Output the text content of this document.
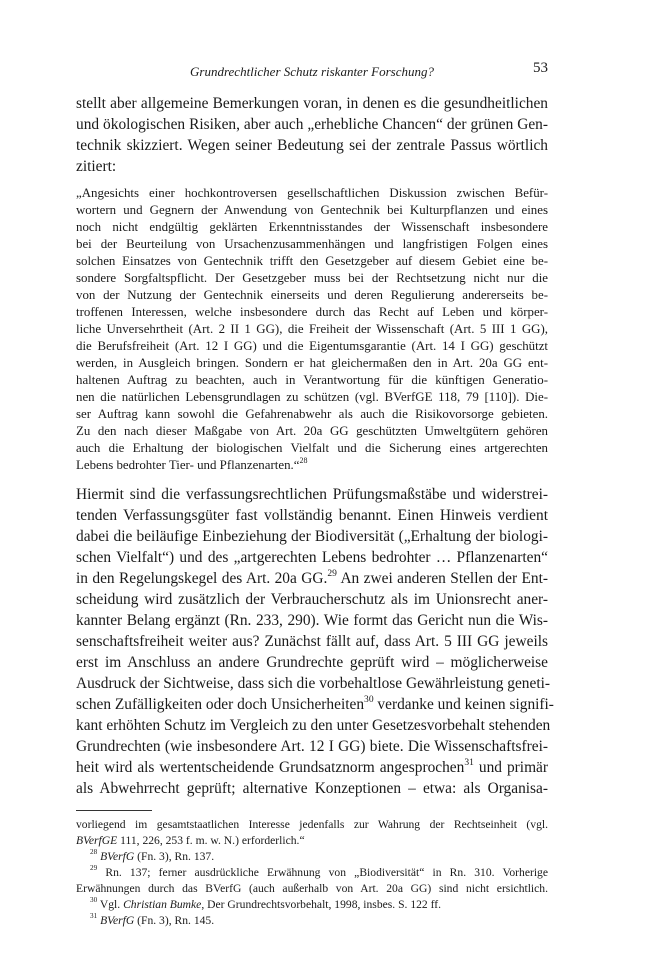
Grundrechtlicher Schutz riskanter Forschung?	53
stellt aber allgemeine Bemerkungen voran, in denen es die gesundheitlichen
und ökologischen Risiken, aber auch „erhebliche Chancen“ der grünen Gen-
technik skizziert. Wegen seiner Bedeutung sei der zentrale Passus wörtlich
zitiert:
„Angesichts einer hochkontroversen gesellschaftlichen Diskussion zwischen Befür-
wortern und Gegnern der Anwendung von Gentechnik bei Kulturpflanzen und eines
noch nicht endgültig geklärten Erkenntnisstandes der Wissenschaft insbesondere
bei der Beurteilung von Ursachenzusammenhängen und langfristigen Folgen eines
solchen Einsatzes von Gentechnik trifft den Gesetzgeber auf diesem Gebiet eine be-
sondere Sorgfaltspflicht. Der Gesetzgeber muss bei der Rechtsetzung nicht nur die
von der Nutzung der Gentechnik einerseits und deren Regulierung andererseits be-
troffenen Interessen, welche insbesondere durch das Recht auf Leben und körper-
liche Unversehrtheit (Art. 2 II 1 GG), die Freiheit der Wissenschaft (Art. 5 III 1 GG),
die Berufsfreiheit (Art. 12 I GG) und die Eigentumsgarantie (Art. 14 I GG) geschützt
werden, in Ausgleich bringen. Sondern er hat gleichermaßen den in Art. 20a GG ent-
haltenen Auftrag zu beachten, auch in Verantwortung für die künftigen Generatio-
nen die natürlichen Lebensgrundlagen zu schützen (vgl. BVerfGE 118, 79 [110]). Die-
ser Auftrag kann sowohl die Gefahrenabwehr als auch die Risikovorsorge gebieten.
Zu den nach dieser Maßgabe von Art. 20a GG geschützten Umweltgütern gehören
auch die Erhaltung der biologischen Vielfalt und die Sicherung eines artgerechten
Lebens bedrohter Tier- und Pflanzenarten.“$^{28}$
Hiermit sind die verfassungsrechtlichen Prüfungsmaßstäbe und widerstrei-
tenden Verfassungsgüter fast vollständig benannt. Einen Hinweis verdient
dabei die beiläufige Einbeziehung der Biodiversität („Erhaltung der biologi-
schen Vielfalt“) und des „artgerechten Lebens bedrohter … Pflanzenarten“
in den Regelungskegel des Art. 20a GG.$^{29}$ An zwei anderen Stellen der Ent-
scheidung wird zusätzlich der Verbraucherschutz als im Unionsrecht aner-
kannter Belang ergänzt (Rn. 233, 290). Wie formt das Gericht nun die Wis-
senschaftsfreiheit weiter aus? Zunächst fällt auf, dass Art. 5 III GG jeweils
erst im Anschluss an andere Grundrechte geprüft wird – möglicherweise
Ausdruck der Sichtweise, dass sich die vorbehaltlose Gewährleistung geneti-
schen Zufälligkeiten oder doch Unsicherheiten$^{30}$ verdanke und keinen signifi-
kant erhöhten Schutz im Vergleich zu den unter Gesetzesvorbehalt stehenden
Grundrechten (wie insbesondere Art. 12 I GG) biete. Die Wissenschaftsfrei-
heit wird als wertentscheidende Grundsatznorm angesprochen$^{31}$ und primär
als Abwehrrecht geprüft; alternative Konzeptionen – etwa: als Organisa-
vorliegend im gesamtstaatlichen Interesse jedenfalls zur Wahrung der Rechtseinheit (vgl.
BVerfGE 111, 226, 253 f. m. w. N.) erforderlich.“
$^{28}$ BVerfG (Fn. 3), Rn. 137.
$^{29}$ Rn. 137; ferner ausdrückliche Erwähnung von „Biodiversität“ in Rn. 310. Vorherige
Erwähnungen durch das BVerfG (auch außerhalb von Art. 20a GG) sind nicht ersichtlich.
$^{30}$ Vgl. Christian Bumke, Der Grundrechtsvorbehalt, 1998, insbes. S. 122 ff.
$^{31}$ BVerfG (Fn. 3), Rn. 145.
